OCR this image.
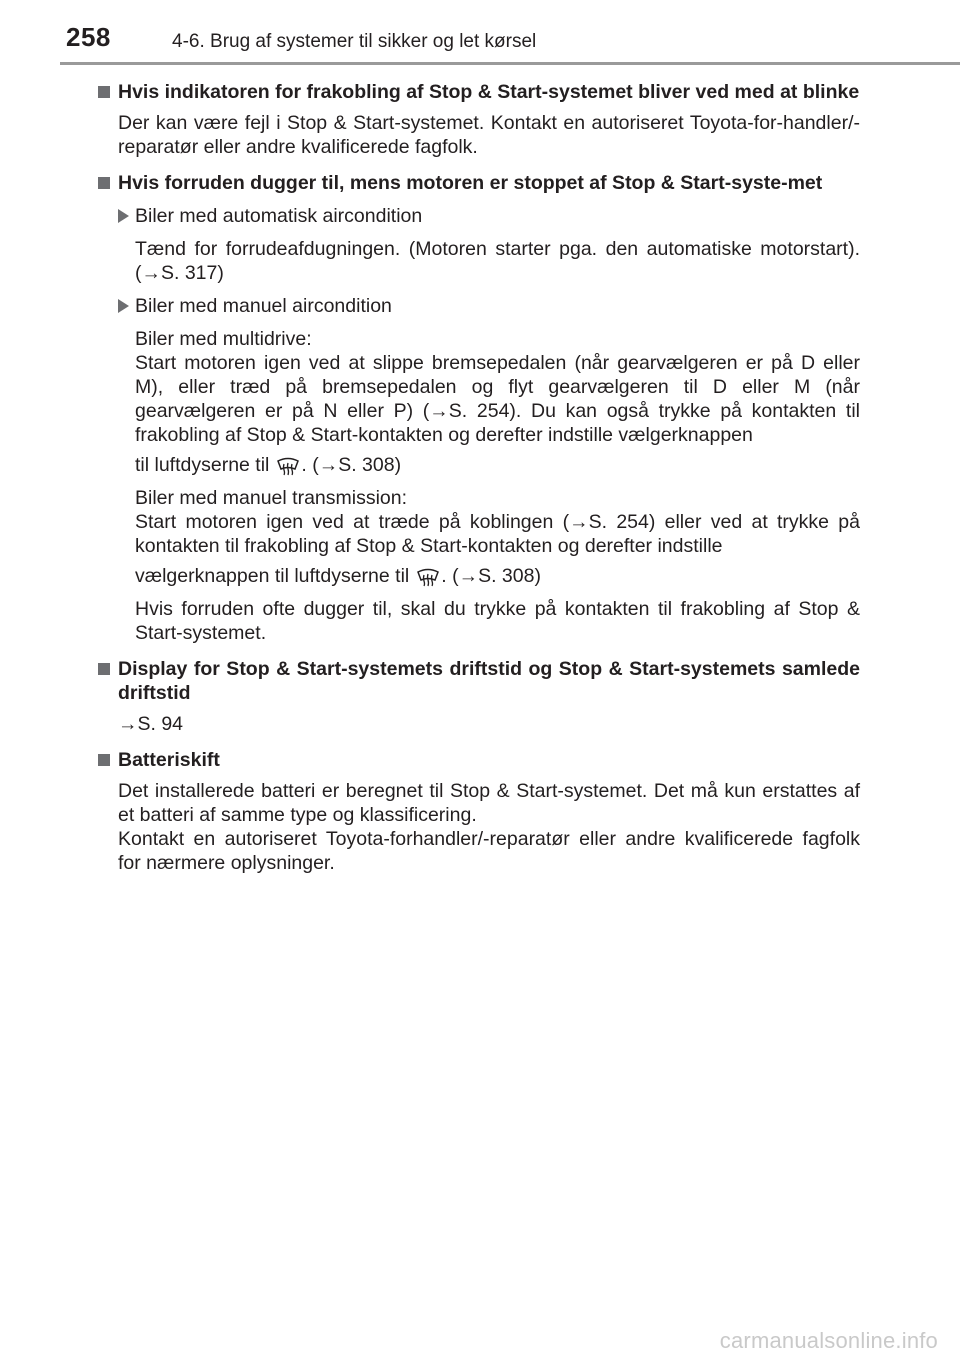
258	4-6. Brug af systemer til sikker og let kørsel
Hvis indikatoren for frakobling af Stop & Start-systemet bliver ved med at blinke
Der kan være fejl i Stop & Start-systemet. Kontakt en autoriseret Toyota-for-handler/-reparatør eller andre kvalificerede fagfolk.
Hvis forruden dugger til, mens motoren er stoppet af Stop & Start-syste-met
Biler med automatisk aircondition
Tænd for forrudeafdugningen. (Motoren starter pga. den automatiske motorstart). (→S. 317)
Biler med manuel aircondition
Biler med multidrive:
Start motoren igen ved at slippe bremsepedalen (når gearvælgeren er på D eller M), eller træd på bremsepedalen og flyt gearvælgeren til D eller M (når gearvælgeren er på N eller P) (→S. 254). Du kan også trykke på kontakten til frakobling af Stop & Start-kontakten og derefter indstille vælgerknappen
til luftdyserne til . (→S. 308)
Biler med manuel transmission:
Start motoren igen ved at træde på koblingen (→S. 254) eller ved at trykke på kontakten til frakobling af Stop & Start-kontakten og derefter indstille
vælgerknappen til luftdyserne til . (→S. 308)
Hvis forruden ofte dugger til, skal du trykke på kontakten til frakobling af Stop & Start-systemet.
Display for Stop & Start-systemets driftstid og Stop & Start-systemets samlede driftstid
→S. 94
Batteriskift
Det installerede batteri er beregnet til Stop & Start-systemet. Det må kun erstattes af et batteri af samme type og klassificering.
Kontakt en autoriseret Toyota-forhandler/-reparatør eller andre kvalificerede fagfolk for nærmere oplysninger.
carmanualsonline.info
